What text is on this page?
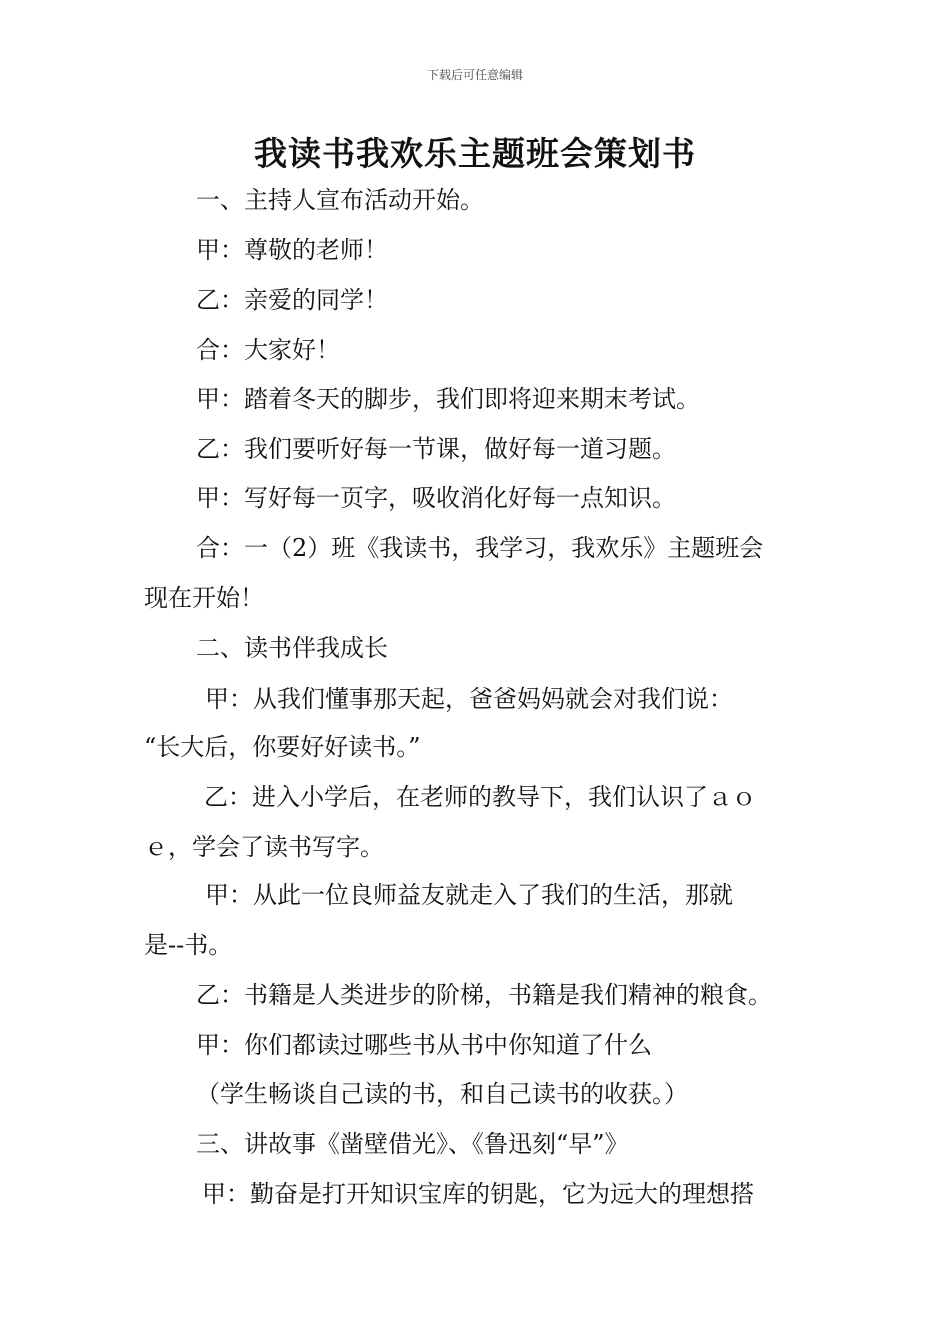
下载后可任意编辑
我读书我欢乐主题班会策划书
一、主持人宣布活动开始。
甲：尊敬的老师！
乙：亲爱的同学！
合：大家好！
甲：踏着冬天的脚步，我们即将迎来期末考试。
乙：我们要听好每一节课，做好每一道习题。
甲：写好每一页字，吸收消化好每一点知识。
合：一（2）班《我读书，我学习，我欢乐》主题班会
现在开始！
二、读书伴我成长
甲：从我们懂事那天起，爸爸妈妈就会对我们说：
“长大后，你要好好读书。”
乙：进入小学后，在老师的教导下，我们认识了ａｏ
ｅ，学会了读书写字。
甲：从此一位良师益友就走入了我们的生活，那就
是--书。
乙：书籍是人类进步的阶梯，书籍是我们精神的粮食。
甲：你们都读过哪些书从书中你知道了什么
（学生畅谈自己读的书，和自己读书的收获。）
三、讲故事《凿壁借光》、《鲁迅刻“早”》
甲：勤奋是打开知识宝库的钥匙，它为远大的理想搭
